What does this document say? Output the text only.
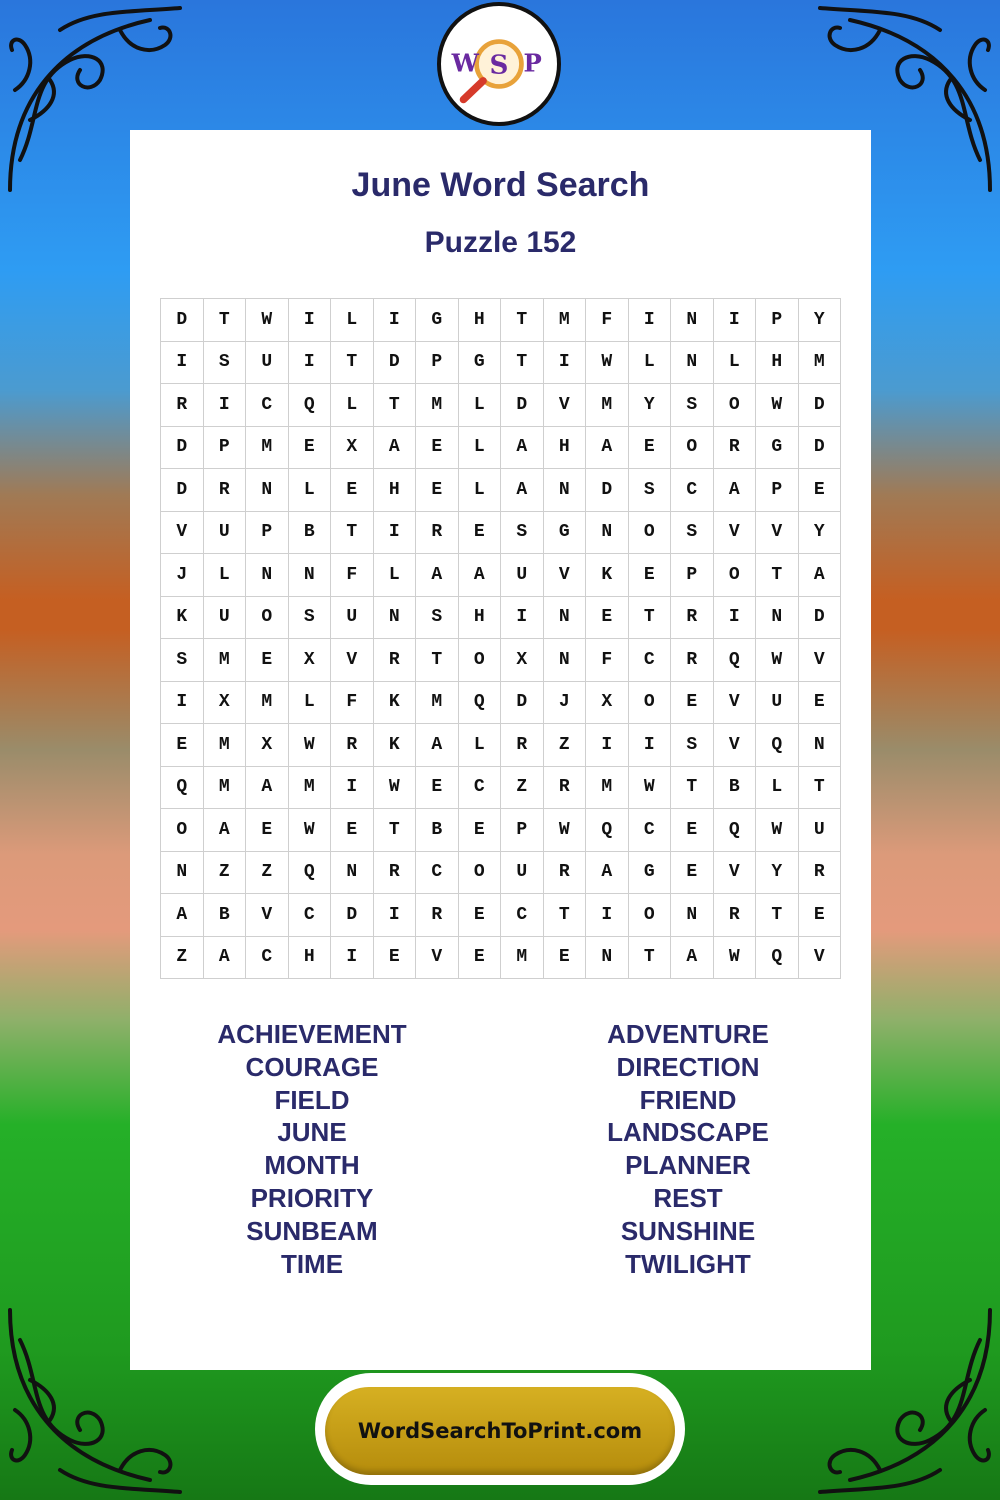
June Word Search
Puzzle 152
D	T	W	I	L	I	G	H	T	M	F	I	N	I	P	Y
I	S	U	I	T	D	P	G	T	I	W	L	N	L	H	M
R	I	C	Q	L	T	M	L	D	V	M	Y	S	O	W	D
D	P	M	E	X	A	E	L	A	H	A	E	O	R	G	D
D	R	N	L	E	H	E	L	A	N	D	S	C	A	P	E
V	U	P	B	T	I	R	E	S	G	N	O	S	V	V	Y
J	L	N	N	F	L	A	A	U	V	K	E	P	O	T	A
K	U	O	S	U	N	S	H	I	N	E	T	R	I	N	D
S	M	E	X	V	R	T	O	X	N	F	C	R	Q	W	V
I	X	M	L	F	K	M	Q	D	J	X	O	E	V	U	E
E	M	X	W	R	K	A	L	R	Z	I	I	S	V	Q	N
Q	M	A	M	I	W	E	C	Z	R	M	W	T	B	L	T
O	A	E	W	E	T	B	E	P	W	Q	C	E	Q	W	U
N	Z	Z	Q	N	R	C	O	U	R	A	G	E	V	Y	R
A	B	V	C	D	I	R	E	C	T	I	O	N	R	T	E
Z	A	C	H	I	E	V	E	M	E	N	T	A	W	Q	V
ACHIEVEMENT
COURAGE
FIELD
JUNE
MONTH
PRIORITY
SUNBEAM
TIME
ADVENTURE
DIRECTION
FRIEND
LANDSCAPE
PLANNER
REST
SUNSHINE
TWILIGHT
W S P
WordSearchToPrint.com
